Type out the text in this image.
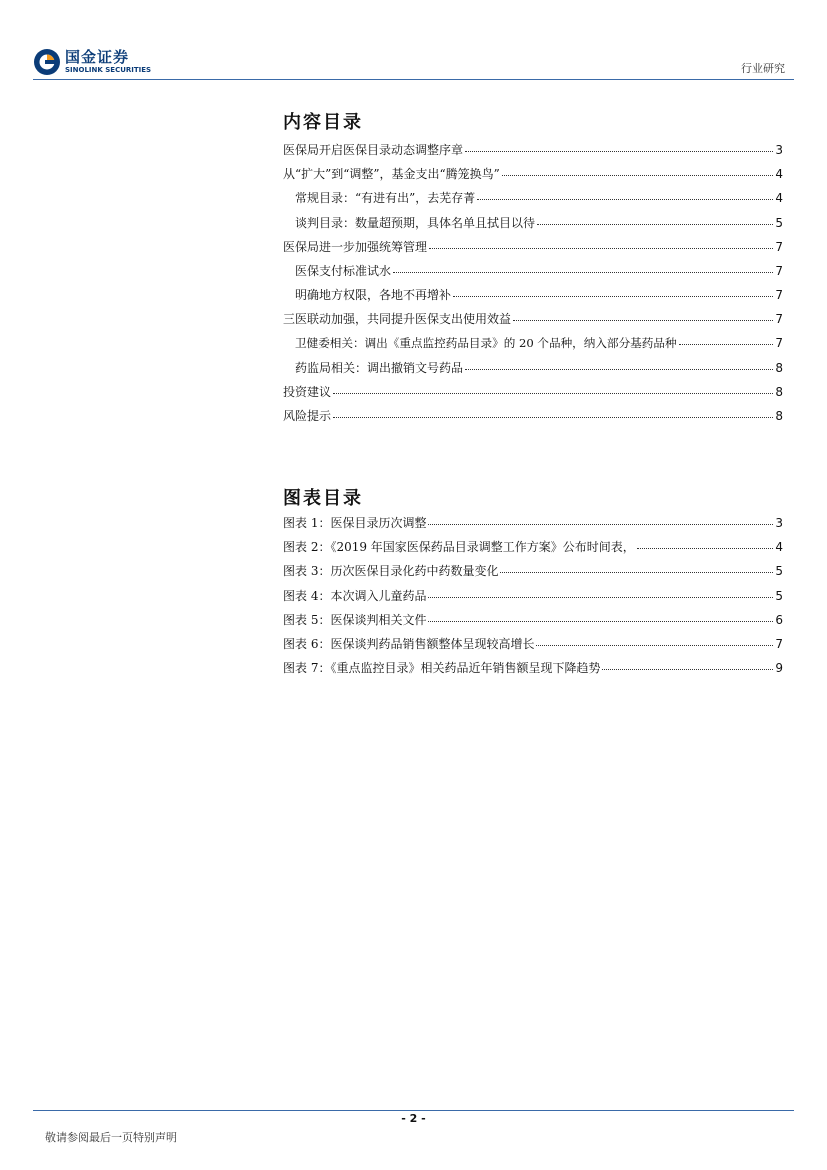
国金证券
SINOLINK SECURITIES	行业研究
内容目录
医保局开启医保目录动态调整序章	3
从“扩大”到“调整”，基金支出“腾笼换鸟”	4
常规目录：“有进有出”，去芜存菁	4
谈判目录：数量超预期，具体名单且拭目以待	5
医保局进一步加强统筹管理	7
医保支付标准试水	7
明确地方权限，各地不再增补	7
三医联动加强，共同提升医保支出使用效益	7
卫健委相关：调出《重点监控药品目录》的 20 个品种，纳入部分基药品种	7
药监局相关：调出撤销文号药品	8
投资建议	8
风险提示	8
图表目录
图表 1：医保目录历次调整	3
图表 2：《2019 年国家医保药品目录调整工作方案》公布时间表，	4
图表 3：历次医保目录化药中药数量变化	5
图表 4：本次调入儿童药品	5
图表 5：医保谈判相关文件	6
图表 6：医保谈判药品销售额整体呈现较高增长	7
图表 7：《重点监控目录》相关药品近年销售额呈现下降趋势	9
- 2 -
敬请参阅最后一页特别声明
